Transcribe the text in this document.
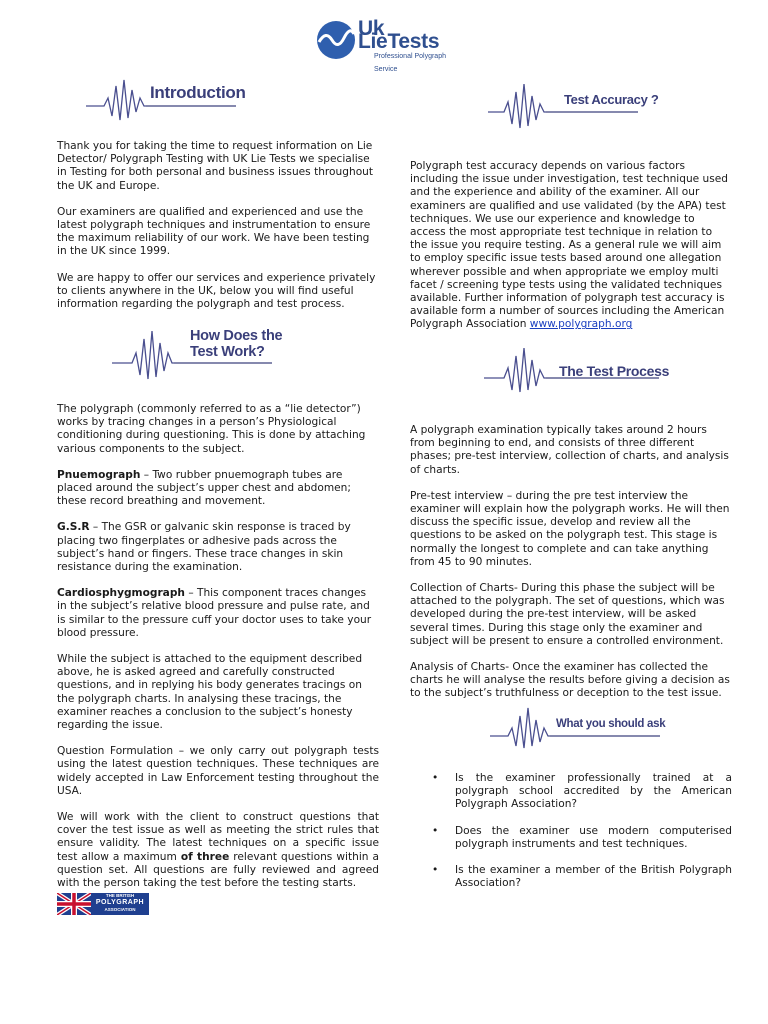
Uk LieTests
Professional Polygraph Service
Introduction

Thank you for taking the time to request information on Lie Detector/ Polygraph Testing with UK Lie Tests we specialise in Testing for both personal and business issues throughout the UK and Europe.

Our examiners are qualified and experienced and use the latest polygraph techniques and instrumentation to ensure the maximum reliability of our work. We have been testing in the UK since 1999.

We are happy to offer our services and experience privately to clients anywhere in the UK, below you will find useful information regarding the polygraph and test process.

How Does the
Test Work?

The polygraph (commonly referred to as a “lie detector”) works by tracing changes in a person’s Physiological conditioning during questioning. This is done by attaching various components to the subject.

Pnuemograph – Two rubber pnuemograph tubes are placed around the subject’s upper chest and abdomen; these record breathing and movement.

G.S.R – The GSR or galvanic skin response is traced by placing two fingerplates or adhesive pads across the subject’s hand or fingers. These trace changes in skin resistance during the examination.

Cardiosphygmograph – This component traces changes in the subject’s relative blood pressure and pulse rate, and is similar to the pressure cuff your doctor uses to take your blood pressure.

While the subject is attached to the equipment described above, he is asked agreed and carefully constructed questions, and in replying his body generates tracings on the polygraph charts. In analysing these tracings, the examiner reaches a conclusion to the subject’s honesty regarding the issue.

Question Formulation – we only carry out polygraph tests using the latest question techniques. These techniques are widely accepted in Law Enforcement testing throughout the USA.

We will work with the client to construct questions that cover the test issue as well as meeting the strict rules that ensure validity. The latest techniques on a specific issue test allow a maximum of three relevant questions within a question set. All questions are fully reviewed and agreed with the person taking the test before the testing starts.

THE BRITISH
POLYGRAPH
ASSOCIATION
Test Accuracy ?

Polygraph test accuracy depends on various factors including the issue under investigation, test technique used and the experience and ability of the examiner. All our examiners are qualified and use validated (by the APA) test techniques. We use our experience and knowledge to access the most appropriate test technique in relation to the issue you require testing. As a general rule we will aim to employ specific issue tests based around one allegation wherever possible and when appropriate we employ multi facet / screening type tests using the validated techniques available. Further information of polygraph test accuracy is available form a number of sources including the American Polygraph Association www.polygraph.org

The Test Process

A polygraph examination typically takes around 2 hours from beginning to end, and consists of three different phases; pre-test interview, collection of charts, and analysis of charts.

Pre-test interview – during the pre test interview the examiner will explain how the polygraph works. He will then discuss the specific issue, develop and review all the questions to be asked on the polygraph test. This stage is normally the longest to complete and can take anything from 45 to 90 minutes.

Collection of Charts- During this phase the subject will be attached to the polygraph. The set of questions, which was developed during the pre-test interview, will be asked several times. During this stage only the examiner and subject will be present to ensure a controlled environment.

Analysis of Charts- Once the examiner has collected the charts he will analyse the results before giving a decision as to the subject’s truthfulness or deception to the test issue.

What you should ask
• Is the examiner professionally trained at a polygraph school accredited by the American Polygraph Association?
• Does the examiner use modern computerised polygraph instruments and test techniques.
• Is the examiner a member of the British Polygraph Association?
